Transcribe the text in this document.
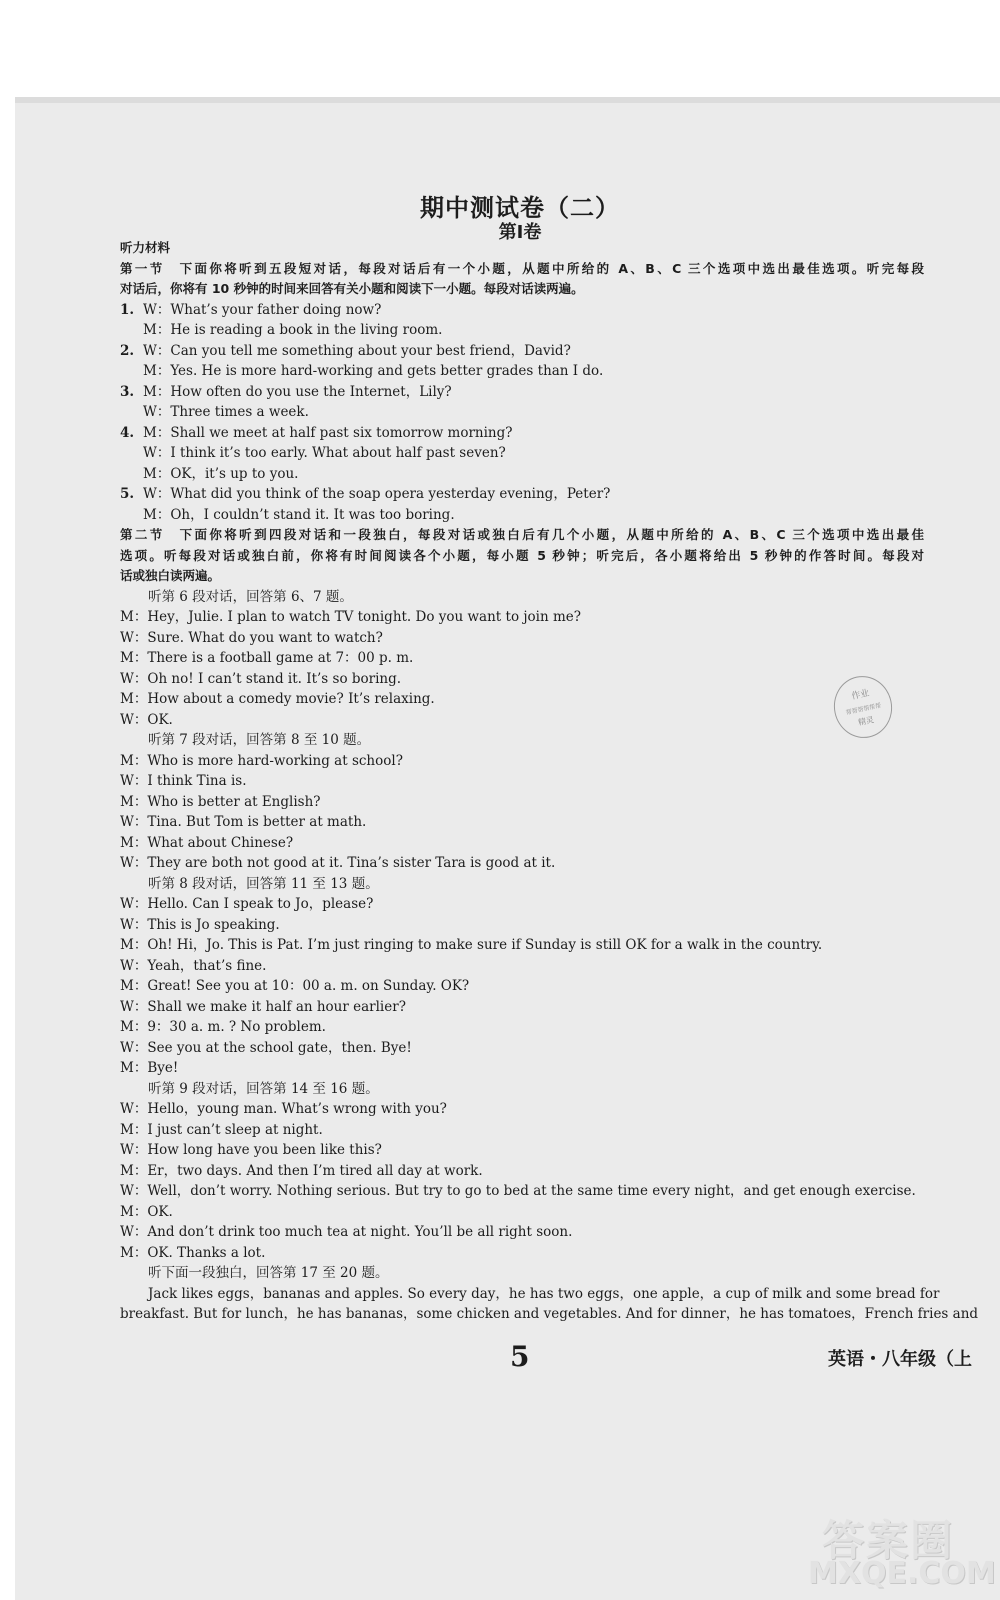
期中测试卷（二）
第Ⅰ卷
听力材料
第一节　下面你将听到五段短对话，每段对话后有一个小题，从题中所给的 A、B、C 三个选项中选出最佳选项。听完每段
对话后，你将有 10 秒钟的时间来回答有关小题和阅读下一小题。每段对话读两遍。
1. W：What’s your father doing now?
M：He is reading a book in the living room.
2. W：Can you tell me something about your best friend，David?
M：Yes. He is more hard-working and gets better grades than I do.
3. M：How often do you use the Internet，Lily?
W：Three times a week.
4. M：Shall we meet at half past six tomorrow morning?
W：I think it’s too early. What about half past seven?
M：OK，it’s up to you.
5. W：What did you think of the soap opera yesterday evening，Peter?
M：Oh，I couldn’t stand it. It was too boring.
第二节　下面你将听到四段对话和一段独白，每段对话或独白后有几个小题，从题中所给的 A、B、C 三个选项中选出最佳
选项。听每段对话或独白前，你将有时间阅读各个小题，每小题 5 秒钟；听完后，各小题将给出 5 秒钟的作答时间。每段对
话或独白读两遍。
听第 6 段对话，回答第 6、7 题。
M：Hey，Julie. I plan to watch TV tonight. Do you want to join me?
W：Sure. What do you want to watch?
M：There is a football game at 7：00 p. m.
W：Oh no! I can’t stand it. It’s so boring.
M：How about a comedy movie? It’s relaxing.
W：OK.
听第 7 段对话，回答第 8 至 10 题。
M：Who is more hard-working at school?
W：I think Tina is.
M：Who is better at English?
W：Tina. But Tom is better at math.
M：What about Chinese?
W：They are both not good at it. Tina’s sister Tara is good at it.
听第 8 段对话，回答第 11 至 13 题。
W：Hello. Can I speak to Jo，please?
W：This is Jo speaking.
M：Oh! Hi，Jo. This is Pat. I’m just ringing to make sure if Sunday is still OK for a walk in the country.
W：Yeah，that’s fine.
M：Great! See you at 10：00 a. m. on Sunday. OK?
W：Shall we make it half an hour earlier?
M：9：30 a. m. ? No problem.
W：See you at the school gate，then. Bye!
M：Bye!
听第 9 段对话，回答第 14 至 16 题。
W：Hello，young man. What’s wrong with you?
M：I just can’t sleep at night.
W：How long have you been like this?
M：Er，two days. And then I’m tired all day at work.
W：Well，don’t worry. Nothing serious. But try to go to bed at the same time every night，and get enough exercise.
M：OK.
W：And don’t drink too much tea at night. You’ll be all right soon.
M：OK. Thanks a lot.
听下面一段独白，回答第 17 至 20 题。
Jack likes eggs，bananas and apples. So every day，he has two eggs，one apple，a cup of milk and some bread for
breakfast. But for lunch，he has bananas，some chicken and vegetables. And for dinner，he has tomatoes，French fries and
作业
帮帮帮帮帮帮
精灵
5	英语・八年级（上
答案圈
MXQE.COM
